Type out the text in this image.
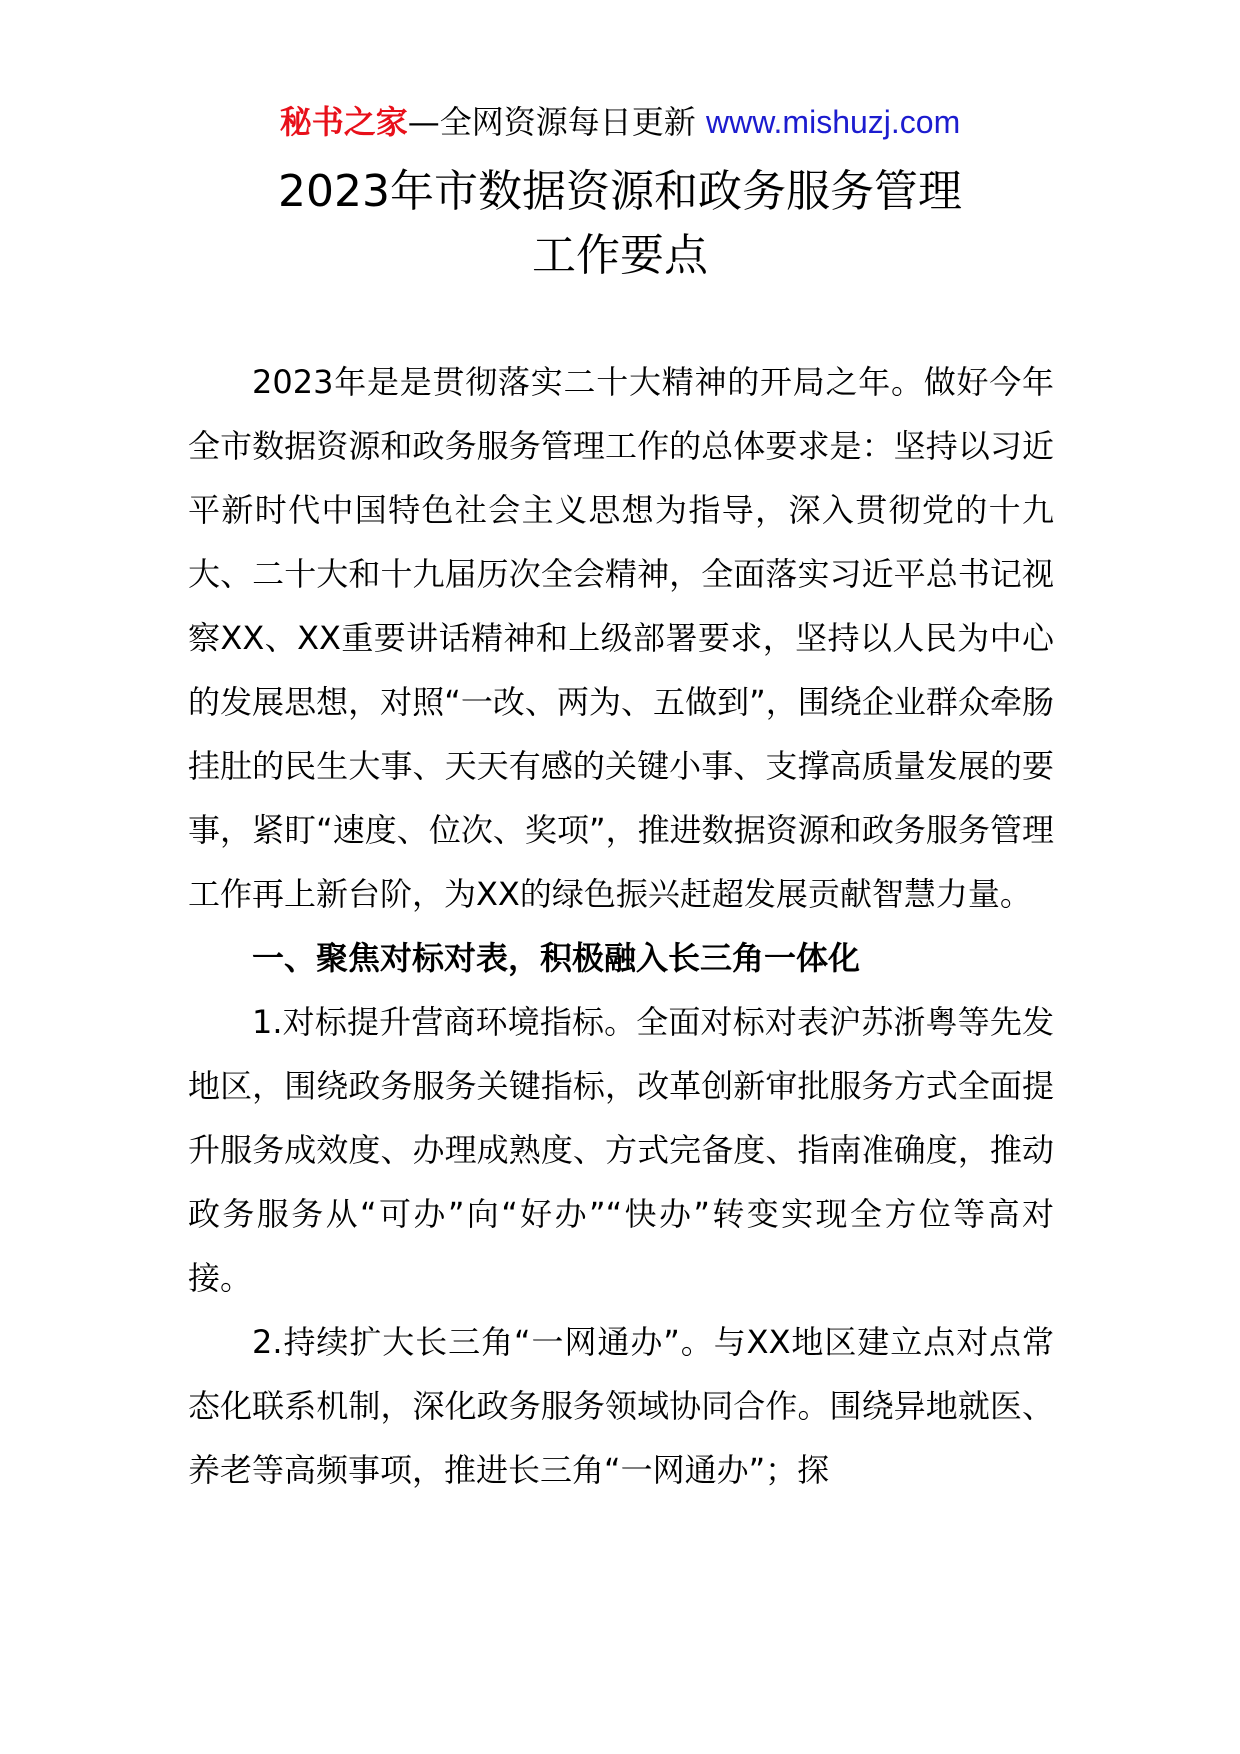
秘书之家—全网资源每日更新 www.mishuzj.com
2023年市数据资源和政务服务管理
工作要点

2023年是是贯彻落实二十大精神的开局之年。做好今年全市数据资源和政务服务管理工作的总体要求是：坚持以习近平新时代中国特色社会主义思想为指导，深入贯彻党的十九大、二十大和十九届历次全会精神，全面落实习近平总书记视察XX、XX重要讲话精神和上级部署要求，坚持以人民为中心的发展思想，对照“一改、两为、五做到”，围绕企业群众牵肠挂肚的民生大事、天天有感的关键小事、支撑高质量发展的要事，紧盯“速度、位次、奖项”，推进数据资源和政务服务管理工作再上新台阶，为XX的绿色振兴赶超发展贡献智慧力量。

一、聚焦对标对表，积极融入长三角一体化

1.对标提升营商环境指标。全面对标对表沪苏浙粤等先发地区，围绕政务服务关键指标，改革创新审批服务方式全面提升服务成效度、办理成熟度、方式完备度、指南准确度，推动政务服务从“可办”向“好办”“快办”转变实现全方位等高对接。

2.持续扩大长三角“一网通办”。与XX地区建立点对点常态化联系机制，深化政务服务领域协同合作。围绕异地就医、养老等高频事项，推进长三角“一网通办”；探
